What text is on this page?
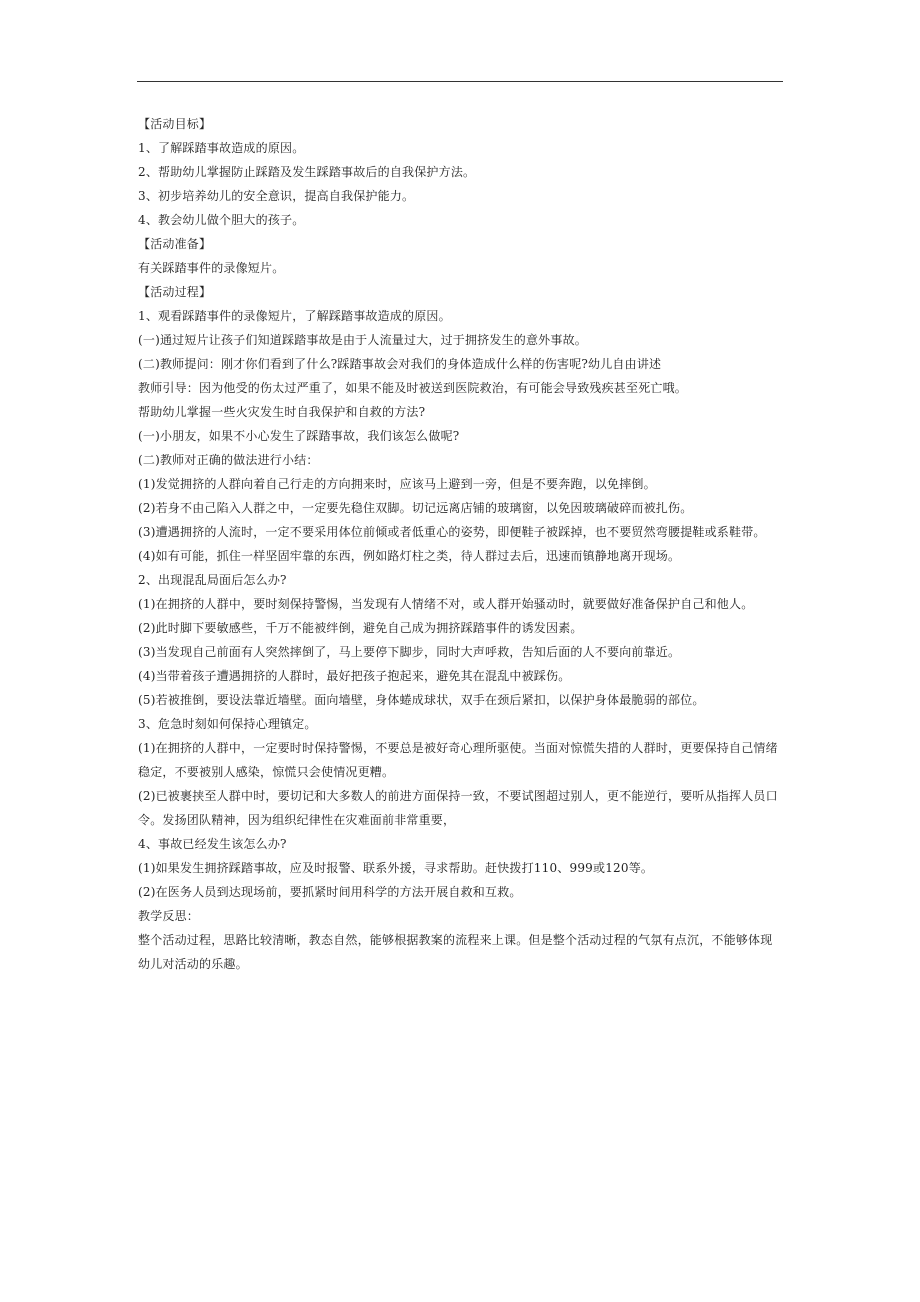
【活动目标】
1、了解踩踏事故造成的原因。
2、帮助幼儿掌握防止踩踏及发生踩踏事故后的自我保护方法。
3、初步培养幼儿的安全意识，提高自我保护能力。
4、教会幼儿做个胆大的孩子。
【活动准备】
有关踩踏事件的录像短片。
【活动过程】
1、观看踩踏事件的录像短片，了解踩踏事故造成的原因。
(一)通过短片让孩子们知道踩踏事故是由于人流量过大，过于拥挤发生的意外事故。
(二)教师提问：刚才你们看到了什么?踩踏事故会对我们的身体造成什么样的伤害呢?幼儿自由讲述
教师引导：因为他受的伤太过严重了，如果不能及时被送到医院救治，有可能会导致残疾甚至死亡哦。
帮助幼儿掌握一些火灾发生时自我保护和自救的方法?
(一)小朋友，如果不小心发生了踩踏事故，我们该怎么做呢?
(二)教师对正确的做法进行小结：
(1)发觉拥挤的人群向着自己行走的方向拥来时，应该马上避到一旁，但是不要奔跑，以免摔倒。
(2)若身不由己陷入人群之中，一定要先稳住双脚。切记远离店铺的玻璃窗，以免因玻璃破碎而被扎伤。
(3)遭遇拥挤的人流时，一定不要采用体位前倾或者低重心的姿势，即便鞋子被踩掉，也不要贸然弯腰提鞋或系鞋带。
(4)如有可能，抓住一样坚固牢靠的东西，例如路灯柱之类，待人群过去后，迅速而镇静地离开现场。
2、出现混乱局面后怎么办?
(1)在拥挤的人群中，要时刻保持警惕，当发现有人情绪不对，或人群开始骚动时，就要做好准备保护自己和他人。
(2)此时脚下要敏感些，千万不能被绊倒，避免自己成为拥挤踩踏事件的诱发因素。
(3)当发现自己前面有人突然摔倒了，马上要停下脚步，同时大声呼救，告知后面的人不要向前靠近。
(4)当带着孩子遭遇拥挤的人群时，最好把孩子抱起来，避免其在混乱中被踩伤。
(5)若被推倒，要设法靠近墙壁。面向墙壁，身体蜷成球状，双手在颈后紧扣，以保护身体最脆弱的部位。
3、危急时刻如何保持心理镇定。
(1)在拥挤的人群中，一定要时时保持警惕，不要总是被好奇心理所驱使。当面对惊慌失措的人群时，更要保持自己情绪
稳定，不要被别人感染，惊慌只会使情况更糟。
(2)已被裹挟至人群中时，要切记和大多数人的前进方面保持一致，不要试图超过别人，更不能逆行，要听从指挥人员口
令。发扬团队精神，因为组织纪律性在灾难面前非常重要，
4、事故已经发生该怎么办?
(1)如果发生拥挤踩踏事故，应及时报警、联系外援，寻求帮助。赶快拨打110、999或120等。
(2)在医务人员到达现场前，要抓紧时间用科学的方法开展自救和互救。
教学反思：
整个活动过程，思路比较清晰，教态自然，能够根据教案的流程来上课。但是整个活动过程的气氛有点沉，不能够体现
幼儿对活动的乐趣。
